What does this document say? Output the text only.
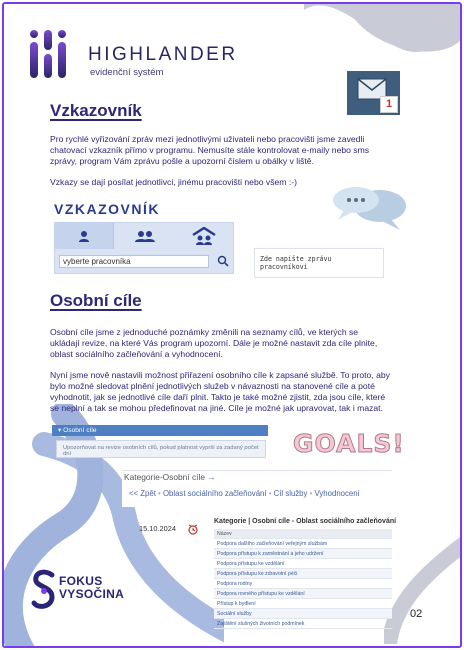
HIGHLANDER
evidenční systém
1
Vzkazovník
Pro rychlé vyřizování zpráv mezi jednotlivými uživateli nebo pracovišti jsme zavedli chatovací vzkazník přímo v programu. Nemusíte stále kontrolovat e-maily nebo sms zprávy, program Vám zprávu pošle a upozorní číslem u obálky v liště.
Vzkazy se dají posílat jednotlivci, jinému pracovišti nebo všem :-)
VZKAZOVNÍK
vyberte pracovníka	Zde napište zprávu pracovníkovi
Osobní cíle
Osobní cíle jsme z jednoduché poznámky změnili na seznamy cílů, ve kterých se ukládají revize, na které Vás program upozorní. Dále je možné nastavit zda cíle plnite, oblast sociálního začleňování a vyhodnocení.
Nyní jsme nově nastavili možnost přiřazení osobního cíle k zapsané službě. To proto, aby bylo možné sledovat plnění jednotlivých služeb v návaznosti na stanovené cíle a poté vyhodnotit, jak se jednotlivé cíle daří plnit. Takto je také možné zjistit, zda jsou cíle, které se neplní a tak se mohou předefinovat na jiné. Cíle je možné jak upravovat, tak i mazat.
▾ Osobní cíle
Upozorňovat na revize osobních cílů, pokud platnost vyprší za zadaný počet dní	GOALS!
Kategorie-Osobní cíle →
<< Zpět • Oblast sociálního začleňování • Cíl služby • Vyhodnocení
15.10.2024
Kategorie | Osobní cíle - Oblast sociálního začleňování
Název
Podpora dalšího začleňování veřejným službám
Podpora přístupu k zaměstnání a jeho udržení
Podpora přístupu ke vzdělání
Podpora přístupu ke zdravotní péči
Podpora rodiny
Podpora rovného přístupu ke vzdělání
Přístup k bydlení
Sociální služby
Zajištění slušných životních podmínek
FOKUS
VYSOČINA
02
